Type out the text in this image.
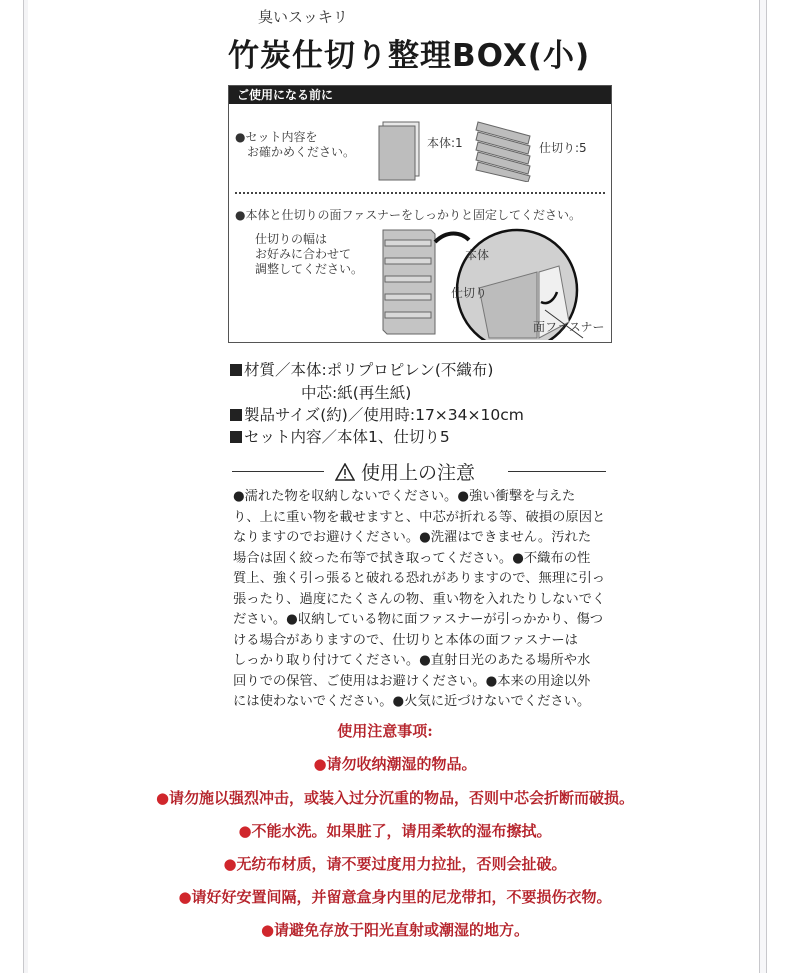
臭いスッキリ
竹炭仕切り整理BOX(小)
ご使用になる前に
●セット内容を
お確かめください。
本体:1	仕切り:5
●本体と仕切りの面ファスナーをしっかりと固定してください。
仕切りの幅は
お好みに合わせて
調整してください。
本体
仕切り
面ファスナー
材質／本体:ポリプロピレン(不織布)
中芯:紙(再生紙)
製品サイズ(約)／使用時:17×34×10cm
セット内容／本体1、仕切り5
使用上の注意

●濡れた物を収納しないでください。●強い衝撃を与えた

り、上に重い物を載せますと、中芯が折れる等、破損の原因と

なりますのでお避けください。●洗濯はできません。汚れた

場合は固く絞った布等で拭き取ってください。●不織布の性

質上、強く引っ張ると破れる恐れがありますので、無理に引っ

張ったり、過度にたくさんの物、重い物を入れたりしないでく

ださい。●収納している物に面ファスナーが引っかかり、傷つ

ける場合がありますので、仕切りと本体の面ファスナーは

しっかり取り付けてください。●直射日光のあたる場所や水

回りでの保管、ご使用はお避けください。●本来の用途以外

には使わないでください。●火気に近づけないでください。

使用注意事项:
●请勿收纳潮湿的物品。
●请勿施以强烈冲击，或装入过分沉重的物品，否则中芯会折断而破损。
●不能水洗。如果脏了，请用柔软的湿布擦拭。
●无纺布材质，请不要过度用力拉扯，否则会扯破。
●请好好安置间隔，并留意盒身内里的尼龙带扣，不要损伤衣物。
●请避免存放于阳光直射或潮湿的地方。
